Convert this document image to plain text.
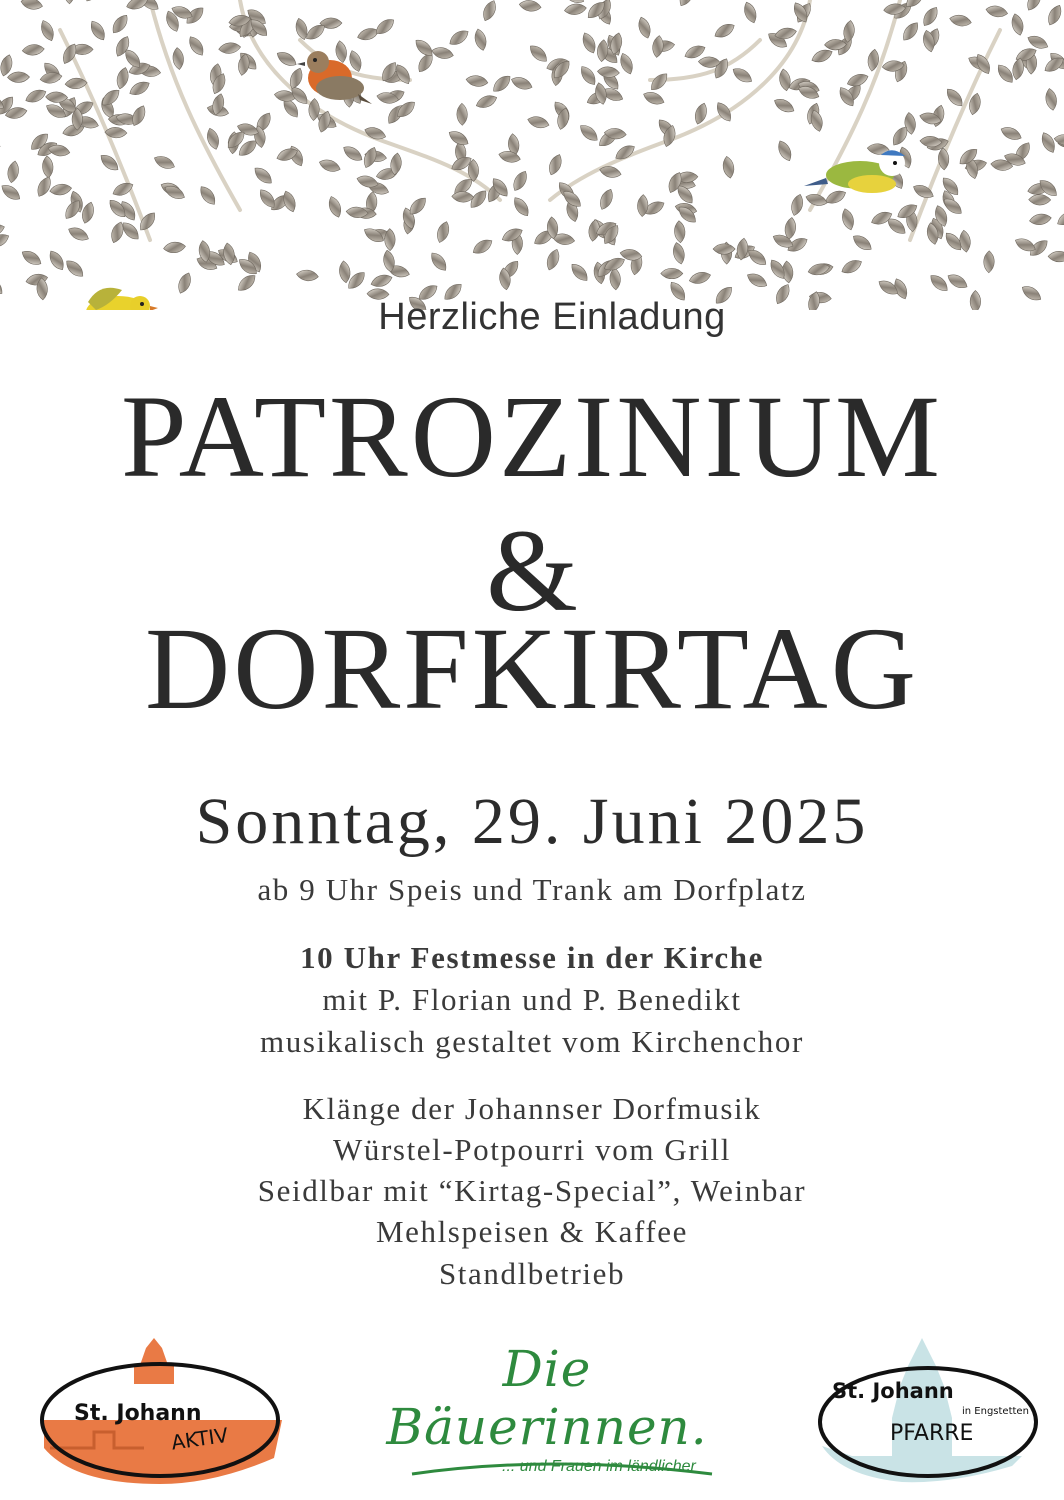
Herzliche Einladung
PATROZINIUM
&
DORFKIRTAG
Sonntag, 29. Juni 2025
ab 9 Uhr Speis und Trank am Dorfplatz
10 Uhr Festmesse in der Kirche
mit P. Florian und P. Benedikt
musikalisch gestaltet vom Kirchenchor
Klänge der Johannser Dorfmusik
Würstel-Potpourri vom Grill
Seidlbar mit “Kirtag-Special”, Weinbar
Mehlspeisen & Kaffee
Standlbetrieb
St. Johann
AKTIV
Die Bäuerinnen.
... und Frauen im ländlicher
St. Johann
in Engstetten
PFARRE
